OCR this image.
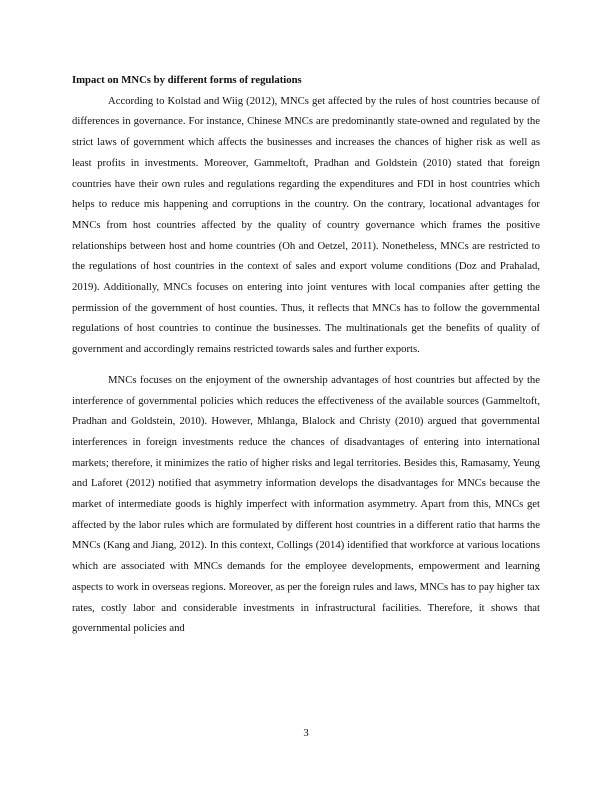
Impact on MNCs by different forms of regulations

According to Kolstad and Wiig (2012), MNCs get affected by the rules of host countries because of differences in governance. For instance, Chinese MNCs are predominantly state-owned and regulated by the strict laws of government which affects the businesses and increases the chances of higher risk as well as least profits in investments. Moreover, Gammeltoft, Pradhan and Goldstein (2010) stated that foreign countries have their own rules and regulations regarding the expenditures and FDI in host countries which helps to reduce mis happening and corruptions in the country. On the contrary, locational advantages for MNCs from host countries affected by the quality of country governance which frames the positive relationships between host and home countries (Oh and Oetzel, 2011). Nonetheless, MNCs are restricted to the regulations of host countries in the context of sales and export volume conditions (Doz and Prahalad, 2019). Additionally, MNCs focuses on entering into joint ventures with local companies after getting the permission of the government of host counties. Thus, it reflects that MNCs has to follow the governmental regulations of host countries to continue the businesses. The multinationals get the benefits of quality of government and accordingly remains restricted towards sales and further exports.

MNCs focuses on the enjoyment of the ownership advantages of host countries but affected by the interference of governmental policies which reduces the effectiveness of the available sources (Gammeltoft, Pradhan and Goldstein, 2010). However, Mhlanga, Blalock and Christy (2010) argued that governmental interferences in foreign investments reduce the chances of disadvantages of entering into international markets; therefore, it minimizes the ratio of higher risks and legal territories. Besides this, Ramasamy, Yeung and Laforet (2012) notified that asymmetry information develops the disadvantages for MNCs because the market of intermediate goods is highly imperfect with information asymmetry. Apart from this, MNCs get affected by the labor rules which are formulated by different host countries in a different ratio that harms the MNCs (Kang and Jiang, 2012). In this context, Collings (2014) identified that workforce at various locations which are associated with MNCs demands for the employee developments, empowerment and learning aspects to work in overseas regions. Moreover, as per the foreign rules and laws, MNCs has to pay higher tax rates, costly labor and considerable investments in infrastructural facilities. Therefore, it shows that governmental policies and

3
